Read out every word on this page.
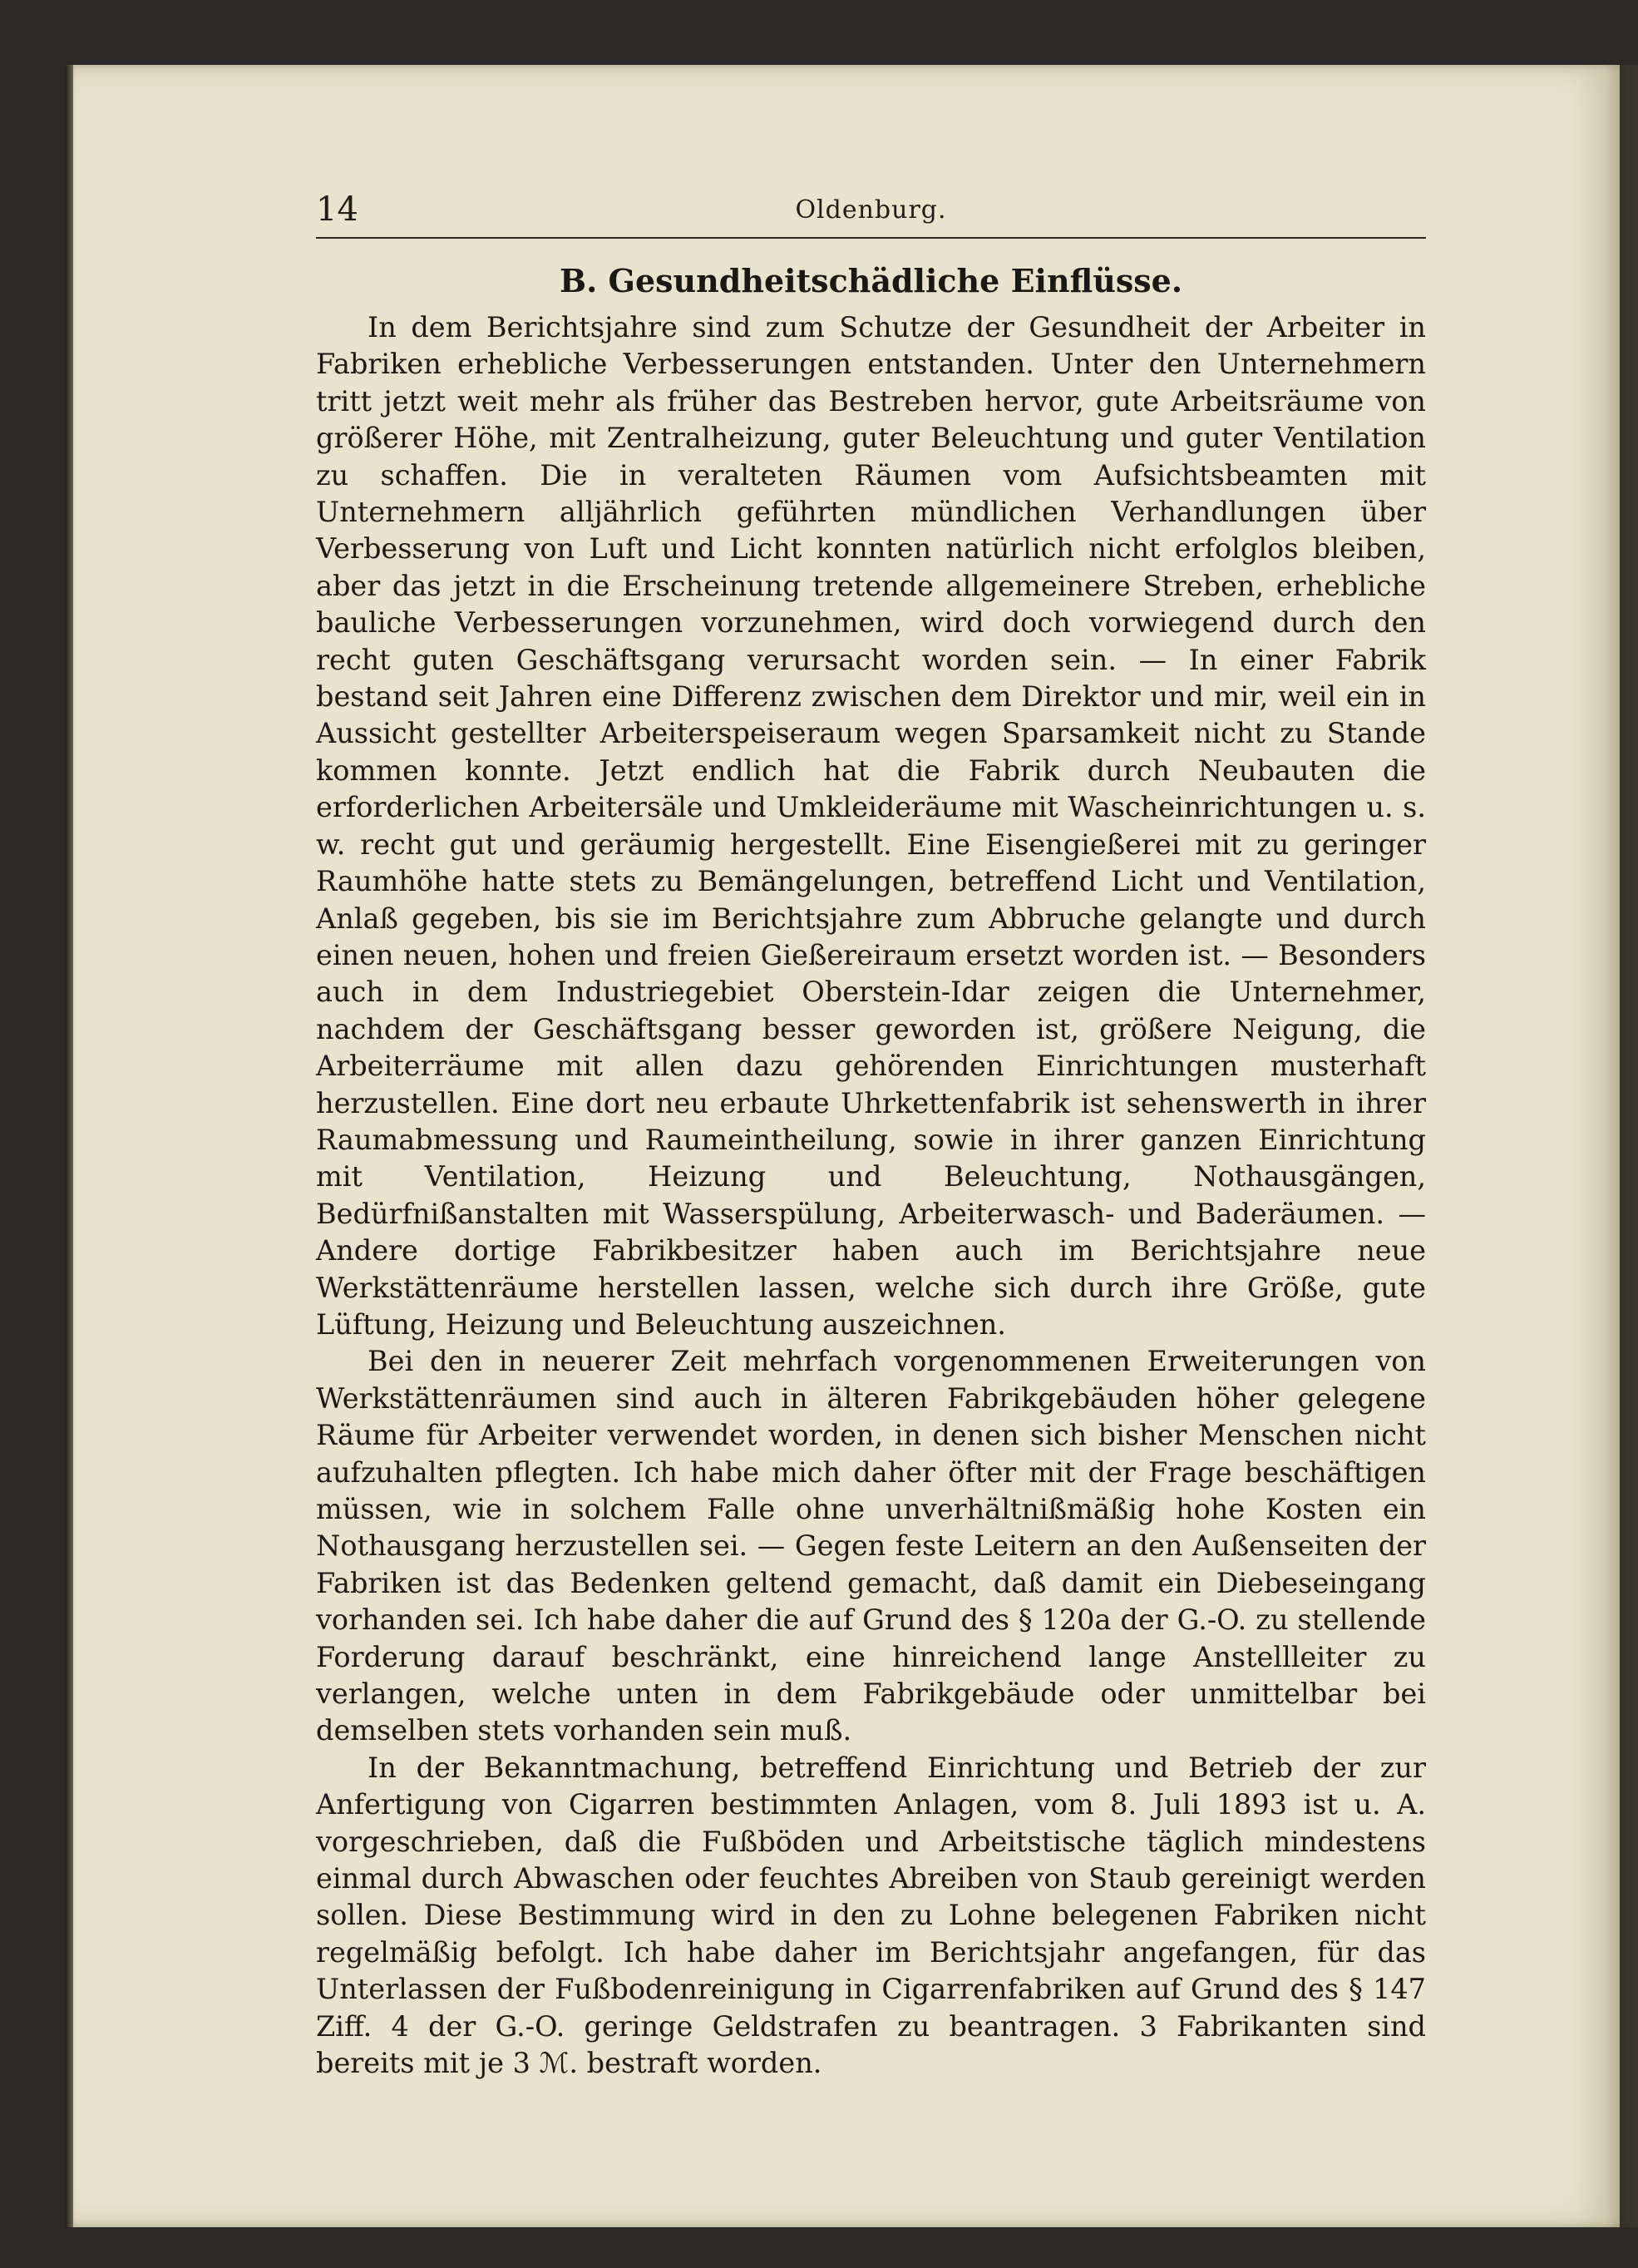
14	Oldenburg.
B. Gesundheitschädliche Einflüsse.

In dem Berichtsjahre sind zum Schutze der Gesundheit der Arbeiter in Fabriken erhebliche Verbesserungen entstanden. Unter den Unternehmern tritt jetzt weit mehr als früher das Bestreben hervor, gute Arbeitsräume von größerer Höhe, mit Zentralheizung, guter Beleuchtung und guter Ventilation zu schaffen. Die in veralteten Räumen vom Aufsichtsbeamten mit Unternehmern alljährlich geführten mündlichen Verhandlungen über Verbesserung von Luft und Licht konnten natürlich nicht erfolglos bleiben, aber das jetzt in die Erscheinung tretende allgemeinere Streben, erhebliche bauliche Verbesserungen vorzunehmen, wird doch vorwiegend durch den recht guten Geschäftsgang verursacht worden sein. — In einer Fabrik bestand seit Jahren eine Differenz zwischen dem Direktor und mir, weil ein in Aussicht gestellter Arbeiterspeiseraum wegen Sparsamkeit nicht zu Stande kommen konnte. Jetzt endlich hat die Fabrik durch Neubauten die erforderlichen Arbeitersäle und Umkleideräume mit Wascheinrichtungen u. s. w. recht gut und geräumig hergestellt. Eine Eisengießerei mit zu geringer Raumhöhe hatte stets zu Bemängelungen, betreffend Licht und Ventilation, Anlaß gegeben, bis sie im Berichtsjahre zum Abbruche gelangte und durch einen neuen, hohen und freien Gießereiraum ersetzt worden ist. — Besonders auch in dem Industriegebiet Oberstein-Idar zeigen die Unternehmer, nachdem der Geschäftsgang besser geworden ist, größere Neigung, die Arbeiterräume mit allen dazu gehörenden Einrichtungen musterhaft herzustellen. Eine dort neu erbaute Uhrkettenfabrik ist sehenswerth in ihrer Raumabmessung und Raumeintheilung, sowie in ihrer ganzen Einrichtung mit Ventilation, Heizung und Beleuchtung, Nothausgängen, Bedürfnißanstalten mit Wasserspülung, Arbeiterwasch- und Baderäumen. — Andere dortige Fabrikbesitzer haben auch im Berichtsjahre neue Werkstättenräume herstellen lassen, welche sich durch ihre Größe, gute Lüftung, Heizung und Beleuchtung auszeichnen.

Bei den in neuerer Zeit mehrfach vorgenommenen Erweiterungen von Werkstättenräumen sind auch in älteren Fabrikgebäuden höher gelegene Räume für Arbeiter verwendet worden, in denen sich bisher Menschen nicht aufzuhalten pflegten. Ich habe mich daher öfter mit der Frage beschäftigen müssen, wie in solchem Falle ohne unverhältnißmäßig hohe Kosten ein Nothausgang herzustellen sei. — Gegen feste Leitern an den Außenseiten der Fabriken ist das Bedenken geltend gemacht, daß damit ein Diebeseingang vorhanden sei. Ich habe daher die auf Grund des § 120a der G.-O. zu stellende Forderung darauf beschränkt, eine hinreichend lange Anstellleiter zu verlangen, welche unten in dem Fabrikgebäude oder unmittelbar bei demselben stets vorhanden sein muß.

In der Bekanntmachung, betreffend Einrichtung und Betrieb der zur Anfertigung von Cigarren bestimmten Anlagen, vom 8. Juli 1893 ist u. A. vorgeschrieben, daß die Fußböden und Arbeitstische täglich mindestens einmal durch Abwaschen oder feuchtes Abreiben von Staub gereinigt werden sollen. Diese Bestimmung wird in den zu Lohne belegenen Fabriken nicht regelmäßig befolgt. Ich habe daher im Berichtsjahr angefangen, für das Unterlassen der Fußbodenreinigung in Cigarrenfabriken auf Grund des § 147 Ziff. 4 der G.-O. geringe Geldstrafen zu beantragen. 3 Fabrikanten sind bereits mit je 3 ℳ. bestraft worden.
